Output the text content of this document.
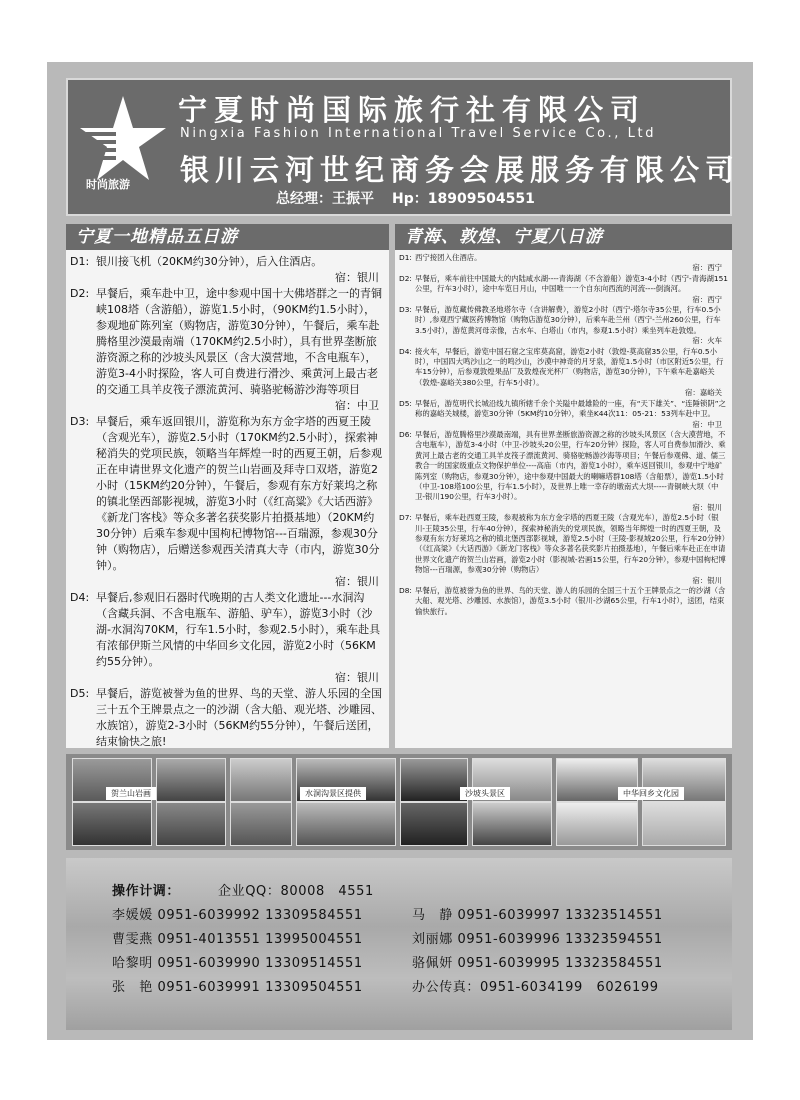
时尚旅游
宁夏时尚国际旅行社有限公司
Ningxia Fashion International Travel Service Co., Ltd
银川云河世纪商务会展服务有限公司
总经理：王振平 Hp：18909504551
宁夏一地精品五日游
D1: 银川接飞机（20KM约30分钟），后入住酒店。
宿：银川
D2: 早餐后，乘车赴中卫，途中参观中国十大佛塔群之一的青铜峡108塔（含游船），游览1.5小时，（90KM约1.5小时），参观地矿陈列室（购物店，游览30分钟），午餐后，乘车赴腾格里沙漠最南端（170KM约2.5小时），具有世界垄断旅游资源之称的沙坡头风景区（含大漠营地，不含电瓶车），游览3-4小时探险，客人可自费进行滑沙、乘黄河上最古老的交通工具羊皮筏子漂流黄河、骑骆驼畅游沙海等项目
宿：中卫
D3: 早餐后，乘车返回银川，游览称为东方金字塔的西夏王陵（含观光车），游览2.5小时（170KM约2.5小时），探索神秘消失的党项民族，领略当年辉煌一时的西夏王朝，后参观正在申请世界文化遗产的贺兰山岩画及拜寺口双塔，游览2小时（15KM约20分钟），午餐后，参观有东方好莱坞之称的镇北堡西部影视城，游览3小时（《红高粱》《大话西游》《新龙门客栈》等众多著名获奖影片拍摄基地）（20KM约30分钟）后乘车参观中国枸杞博物馆---百瑞源，参观30分钟（购物店），后赠送参观西关清真大寺（市内，游览30分钟）。
宿：银川
D4: 早餐后,参观旧石器时代晚期的古人类文化遗址---水洞沟（含藏兵洞、不含电瓶车、游船、驴车），游览3小时（沙湖-水洞沟70KM，行车1.5小时，参观2.5小时），乘车赴具有浓郁伊斯兰风情的中华回乡文化园，游览2小时（56KM约55分钟）。
宿：银川
D5: 早餐后，游览被誉为鱼的世界、鸟的天堂、游人乐园的全国三十五个王牌景点之一的沙湖（含大船、观光塔、沙雕园、水族馆），游览2-3小时（56KM约55分钟），午餐后送团，结束愉快之旅!
青海、敦煌、宁夏八日游
D1: 西宁接团入住酒店。
宿：西宁
D2: 早餐后，乘车前往中国最大的内陆咸水湖----青海湖（不含游船）游览3-4小时（西宁-青海湖151公里，行车3小时），途中车览日月山，中国唯一一个自东向西流的河流----倒淌河。
宿：西宁
D3: 早餐后，游览藏传佛教圣地塔尔寺（含讲解费），游览2小时（西宁-塔尔寺35公里，行车0.5小时）,参观西宁藏医药博物馆（购物店游览30分钟），后乘车赴兰州（西宁-兰州260公里，行车3.5小时），游览黄河母亲像，古水车、白塔山（市内，参观1.5小时）乘坐列车赴敦煌。
宿：火车
D4: 接火车，早餐后，游览中国石窟之宝库莫高窟，游览2小时（敦煌-莫高窟35公里，行车0.5小时），中国四大鸣沙山之一的鸣沙山，沙漠中神奇的月牙泉，游览1.5小时（市区附近5公里，行车15分钟），后参观敦煌果品厂及敦煌夜光杯厂（购物店，游览30分钟），下午乘车赴嘉峪关（敦煌-嘉峪关380公里，行车5小时）。
宿：嘉峪关
D5: 早餐后，游览明代长城沿线九镇所辖千余个关隘中最雄险的一座，有“天下雄关”、“连陲锁阴”之称的嘉峪关城楼，游览30分钟（5KM约10分钟），乘坐K44次11：05-21：53列车赴中卫。
宿：中卫
D6: 早餐后，游览腾格里沙漠最南端，具有世界垄断旅游资源之称的沙坡头风景区（含大漠营地，不含电瓶车），游览3-4小时（中卫-沙坡头20公里，行车20分钟）探险，客人可自费参加滑沙、乘黄河上最古老的交通工具羊皮筏子漂流黄河、骑骆驼畅游沙海等项目；午餐后参观佛、道、儒三教合一的国家级重点文物保护单位----高庙（市内，游览1小时），乘车返回银川，参观中宁地矿陈列室（购物店，参观30分钟），途中参观中国最大的喇嘛塔群108塔（含船票），游览1.5小时（中卫-108塔100公里，行车1.5小时），及世界上唯一幸存的墩南式大坝-----青铜峡大坝（中卫-银川190公里，行车3小时）。
宿：银川
D7: 早餐后，乘车赴西夏王陵，参观被称为东方金字塔的西夏王陵（含观光车），游览2.5小时（银川-王陵35公里，行车40分钟），探索神秘消失的党项民族，领略当年辉煌一时的西夏王朝，及参观有东方好莱坞之称的镇北堡西部影视城，游览2.5小时（王陵-影视城20公里，行车20分钟）（《红高粱》《大话西游》《新龙门客栈》等众多著名获奖影片拍摄基地），午餐后乘车赴正在申请世界文化遗产的贺兰山岩画，游览2小时（影视城-岩画15公里，行车20分钟），参观中国枸杞博物馆---百瑞源，参观30分钟（购物店）
宿：银川
D8: 早餐后，游览被誉为鱼的世界、鸟的天堂、游人的乐园的全国三十五个王牌景点之一的沙湖（含大船、观光塔、沙雕园、水族馆），游览3.5小时（银川-沙湖65公里，行车1小时），送团，结束愉快旅行。
贺兰山岩画	水洞沟景区提供	沙坡头景区	中华回乡文化园
操作计调：	企业QQ：80008　4551
李媛媛 0951-6039992 13309584551
曹雯燕 0951-4013551 13995004551
哈黎明 0951-6039990 13309514551
张　艳 0951-6039991 13309504551
马　静 0951-6039997 13323514551
刘丽娜 0951-6039996 13323594551
骆佩妍 0951-6039995 13323584551
办公传真：0951-6034199　6026199
